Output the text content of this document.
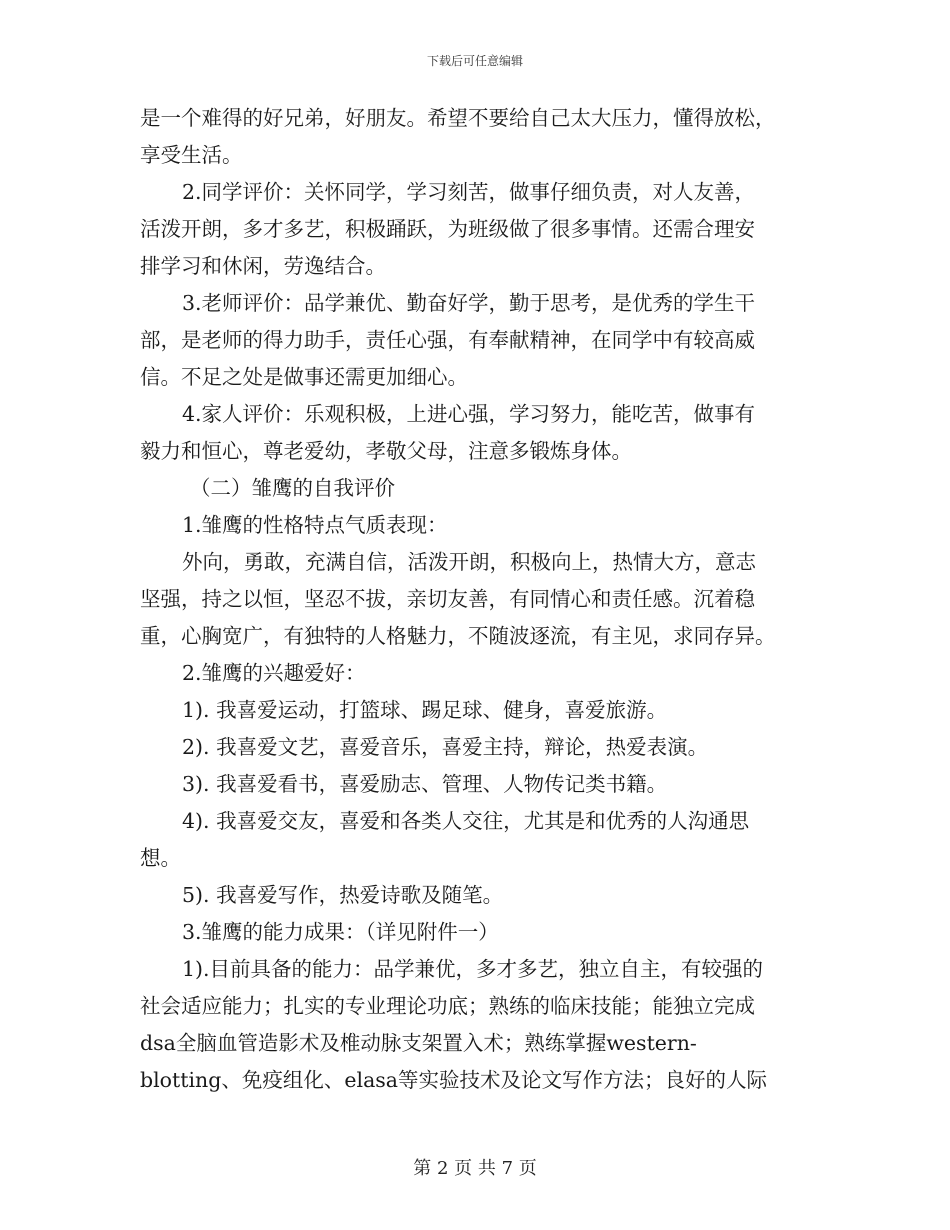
下载后可任意编辑
是一个难得的好兄弟，好朋友。希望不要给自己太大压力，懂得放松，
享受生活。
2.同学评价：关怀同学，学习刻苦，做事仔细负责，对人友善，
活泼开朗，多才多艺，积极踊跃，为班级做了很多事情。还需合理安
排学习和休闲，劳逸结合。
3.老师评价：品学兼优、勤奋好学，勤于思考，是优秀的学生干
部，是老师的得力助手，责任心强，有奉献精神，在同学中有较高威
信。不足之处是做事还需更加细心。
4.家人评价：乐观积极，上进心强，学习努力，能吃苦，做事有
毅力和恒心，尊老爱幼，孝敬父母，注意多锻炼身体。
（二）雏鹰的自我评价
1.雏鹰的性格特点气质表现：
外向，勇敢，充满自信，活泼开朗，积极向上，热情大方，意志
坚强，持之以恒，坚忍不拔，亲切友善，有同情心和责任感。沉着稳
重，心胸宽广，有独特的人格魅力，不随波逐流，有主见，求同存异。
2.雏鹰的兴趣爱好：
1). 我喜爱运动，打篮球、踢足球、健身，喜爱旅游。
2). 我喜爱文艺，喜爱音乐，喜爱主持，辩论，热爱表演。
3). 我喜爱看书，喜爱励志、管理、人物传记类书籍。
4). 我喜爱交友，喜爱和各类人交往，尤其是和优秀的人沟通思
想。
5). 我喜爱写作，热爱诗歌及随笔。
3.雏鹰的能力成果：（详见附件一）
1).目前具备的能力：品学兼优，多才多艺，独立自主，有较强的
社会适应能力；扎实的专业理论功底；熟练的临床技能；能独立完成
dsa全脑血管造影术及椎动脉支架置入术；熟练掌握western-
blotting、免疫组化、elasa等实验技术及论文写作方法；良好的人际
第 2 页 共 7 页
